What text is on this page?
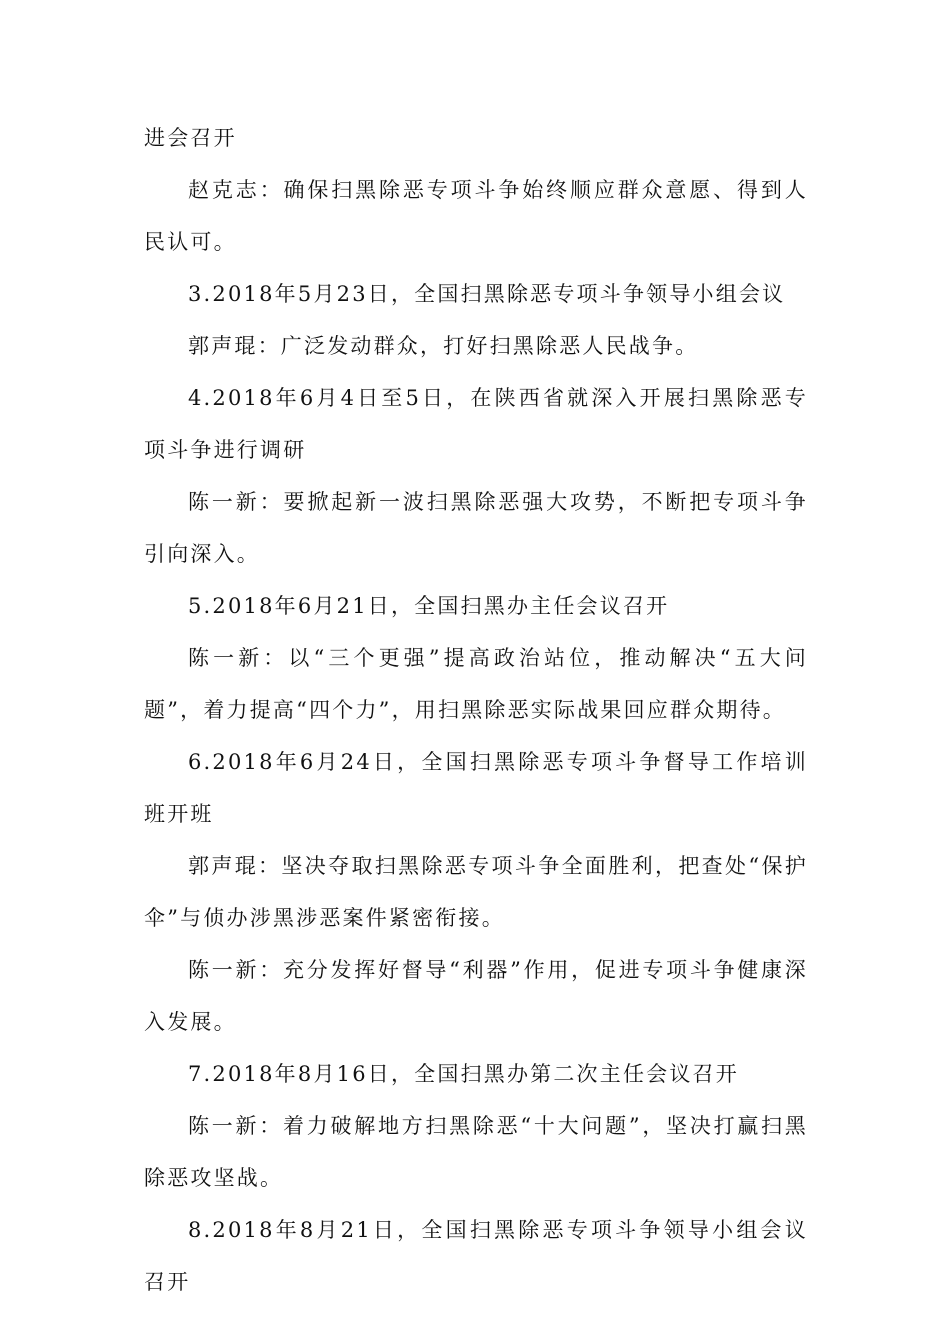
进会召开

赵克志：确保扫黑除恶专项斗争始终顺应群众意愿、得到人民认可。

3.2018年5月23日，全国扫黑除恶专项斗争领导小组会议

郭声琨：广泛发动群众，打好扫黑除恶人民战争。

4.2018年6月4日至5日，在陕西省就深入开展扫黑除恶专项斗争进行调研

陈一新：要掀起新一波扫黑除恶强大攻势，不断把专项斗争引向深入。

5.2018年6月21日，全国扫黑办主任会议召开

陈一新：以“三个更强”提高政治站位，推动解决“五大问题”，着力提高“四个力”，用扫黑除恶实际战果回应群众期待。

6.2018年6月24日，全国扫黑除恶专项斗争督导工作培训班开班

郭声琨：坚决夺取扫黑除恶专项斗争全面胜利，把查处“保护伞”与侦办涉黑涉恶案件紧密衔接。

陈一新：充分发挥好督导“利器”作用，促进专项斗争健康深入发展。

7.2018年8月16日，全国扫黑办第二次主任会议召开

陈一新：着力破解地方扫黑除恶“十大问题”，坚决打赢扫黑除恶攻坚战。

8.2018年8月21日，全国扫黑除恶专项斗争领导小组会议召开
